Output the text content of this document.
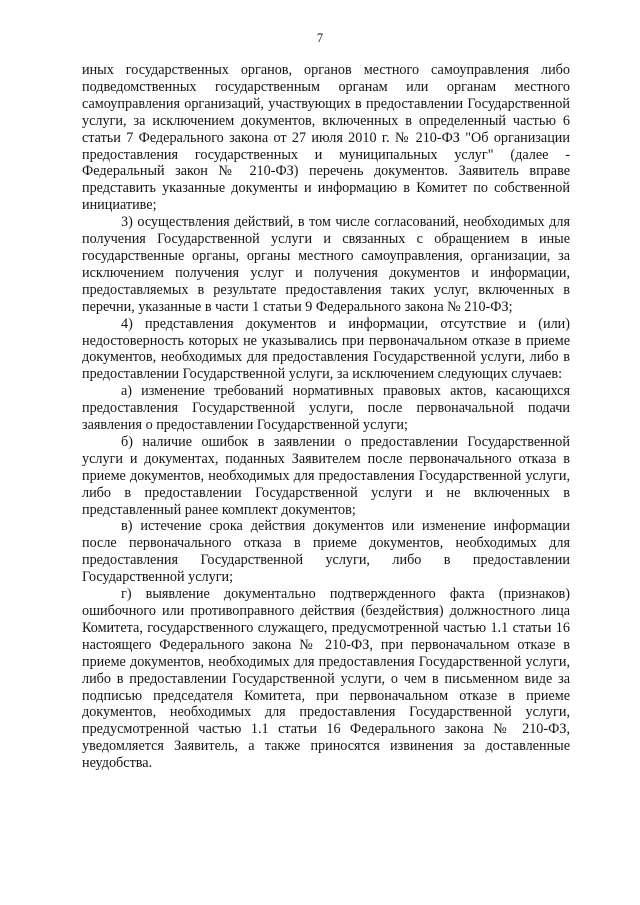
7

иных государственных органов, органов местного самоуправления либо подведомственных государственным органам или органам местного самоуправления организаций, участвующих в предоставлении Государственной услуги, за исключением документов, включенных в определенный частью 6 статьи 7 Федерального закона от 27 июля 2010 г. № 210-ФЗ "Об организации предоставления государственных и муниципальных услуг" (далее - Федеральный закон № 210-ФЗ) перечень документов. Заявитель вправе представить указанные документы и информацию в Комитет по собственной инициативе;

3) осуществления действий, в том числе согласований, необходимых для получения Государственной услуги и связанных с обращением в иные государственные органы, органы местного самоуправления, организации, за исключением получения услуг и получения документов и информации, предоставляемых в результате предоставления таких услуг, включенных в перечни, указанные в части 1 статьи 9 Федерального закона № 210-ФЗ;

4) представления документов и информации, отсутствие и (или) недостоверность которых не указывались при первоначальном отказе в приеме документов, необходимых для предоставления Государственной услуги, либо в предоставлении Государственной услуги, за исключением следующих случаев:

а) изменение требований нормативных правовых актов, касающихся предоставления Государственной услуги, после первоначальной подачи заявления о предоставлении Государственной услуги;

б) наличие ошибок в заявлении о предоставлении Государственной услуги и документах, поданных Заявителем после первоначального отказа в приеме документов, необходимых для предоставления Государственной услуги, либо в предоставлении Государственной услуги и не включенных в представленный ранее комплект документов;

в) истечение срока действия документов или изменение информации после первоначального отказа в приеме документов, необходимых для предоставления Государственной услуги, либо в предоставлении Государственной услуги;

г) выявление документально подтвержденного факта (признаков) ошибочного или противоправного действия (бездействия) должностного лица Комитета, государственного служащего, предусмотренной частью 1.1 статьи 16 настоящего Федерального закона № 210-ФЗ, при первоначальном отказе в приеме документов, необходимых для предоставления Государственной услуги, либо в предоставлении Государственной услуги, о чем в письменном виде за подписью председателя Комитета, при первоначальном отказе в приеме документов, необходимых для предоставления Государственной услуги, предусмотренной частью 1.1 статьи 16 Федерального закона № 210-ФЗ, уведомляется Заявитель, а также приносятся извинения за доставленные неудобства.
